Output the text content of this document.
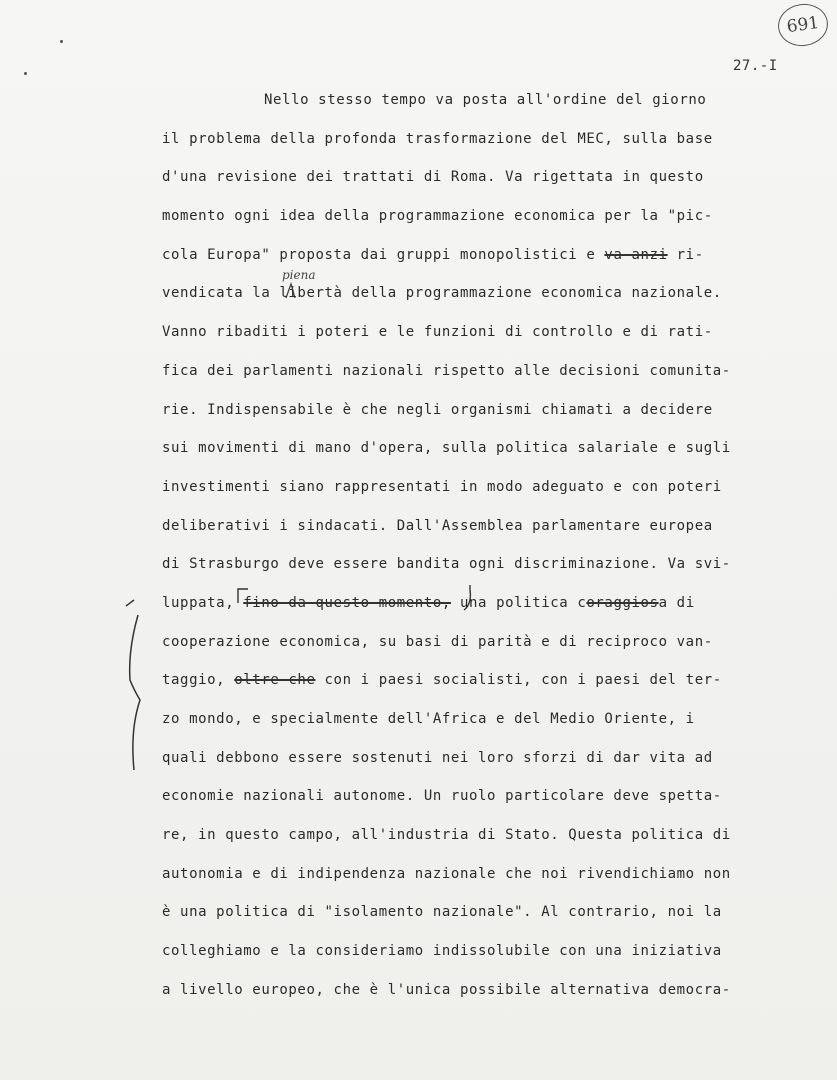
691
27.-I
piena
Nello stesso tempo va posta all'ordine del giorno
il problema della profonda trasformazione del MEC, sulla base
d'una revisione dei trattati di Roma. Va rigettata in questo
momento ogni idea della programmazione economica per la "pic-
cola Europa" proposta dai gruppi monopolistici e va anzi ri-
vendicata la libertà della programmazione economica nazionale.
Vanno ribaditi i poteri e le funzioni di controllo e di rati-
fica dei parlamenti nazionali rispetto alle decisioni comunita-
rie. Indispensabile è che negli organismi chiamati a decidere
sui movimenti di mano d'opera, sulla politica salariale e sugli
investimenti siano rappresentati in modo adeguato e con poteri
deliberativi i sindacati. Dall'Assemblea parlamentare europea
di Strasburgo deve essere bandita ogni discriminazione. Va svi-
luppata, fino da questo momento, una politica coraggiosa di
cooperazione economica, su basi di parità e di reciproco van-
taggio, oltre che con i paesi socialisti, con i paesi del ter-
zo mondo, e specialmente dell'Africa e del Medio Oriente, i
quali debbono essere sostenuti nei loro sforzi di dar vita ad
economie nazionali autonome. Un ruolo particolare deve spetta-
re, in questo campo, all'industria di Stato. Questa politica di
autonomia e di indipendenza nazionale che noi rivendichiamo non
è una politica di "isolamento nazionale". Al contrario, noi la
colleghiamo e la consideriamo indissolubile con una iniziativa
a livello europeo, che è l'unica possibile alternativa democra-
